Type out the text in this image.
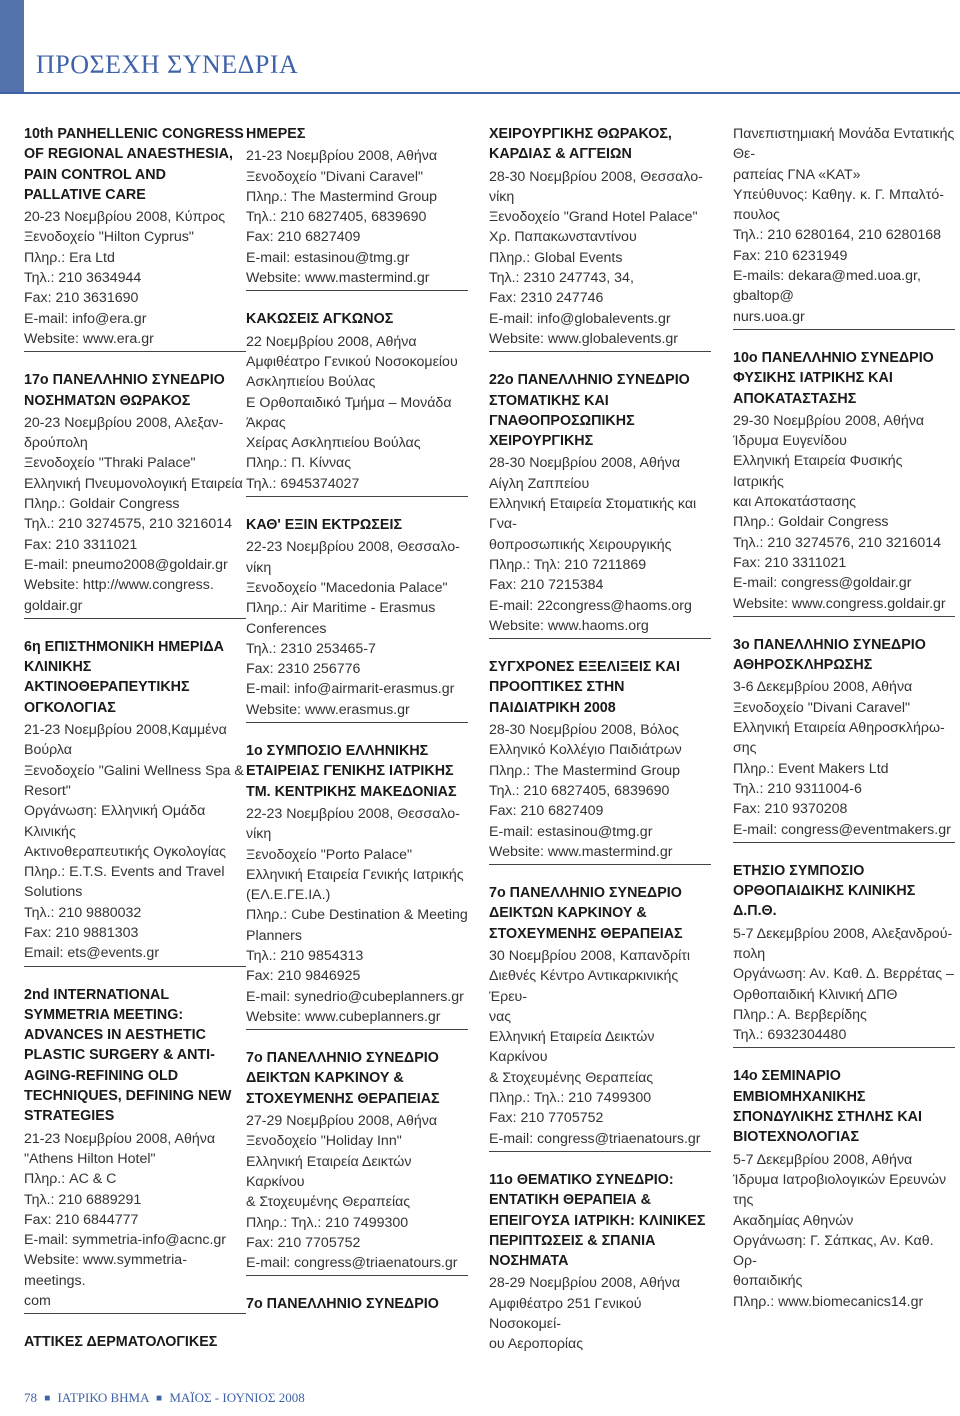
ΠΡΟΣΕΧΗ ΣΥΝΕΔΡΙΑ
10th PANHELLENIC CONGRESS OF REGIONAL ANAESTHESIA, PAIN CONTROL AND PALLATIVE CARE

20-23 Νοεμβρίου 2008, Κύπρος

Ξενοδοχείο "Hilton Cyprus"

Πληρ.: Era Ltd

Τηλ.: 210 3634944

Fax: 210 3631690

E-mail: info@era.gr

Website: www.era.gr

17ο ΠΑΝΕΛΛΗΝΙΟ ΣΥΝΕΔΡΙΟ ΝΟΣΗΜΑΤΩΝ ΘΩΡΑΚΟΣ

20-23 Νοεμβρίου 2008, Αλεξαν-

δρούπολη

Ξενοδοχείο "Thraki Palace"

Ελληνική Πνευμονολογική Εταιρεία

Πληρ.: Goldair Congress

Τηλ.: 210 3274575, 210 3216014

Fax: 210 3311021

E-mail: pneumo2008@goldair.gr

Website: http://www.congress.

goldair.gr

6η ΕΠΙΣΤΗΜΟΝΙΚΗ ΗΜΕΡΙΔΑ ΚΛΙΝΙΚΗΣ ΑΚΤΙΝΟΘΕΡΑΠΕΥΤΙΚΗΣ ΟΓΚΟΛΟΓΙΑΣ

21-23 Νοεμβρίου 2008,Καμμένα

Βούρλα

Ξενοδοχείο "Galini Wellness Spa &

Resort"

Οργάνωση: Ελληνική Ομάδα Κλινικής

Ακτινοθεραπευτικής Ογκολογίας

Πληρ.: E.T.S. Events and Travel

Solutions

Τηλ.: 210 9880032

Fax: 210 9881303

Email: ets@events.gr

2nd INTERNATIONAL SYMMETRIA MEETING: ADVANCES IN AESTHETIC PLASTIC SURGERY & ANTI-AGING-REFINING OLD TECHNIQUES, DEFINING NEW STRATEGIES

21-23 Νοεμβρίου 2008, Αθήνα

"Athens Hilton Hotel"

Πληρ.: AC & C

Τηλ.: 210 6889291

Fax: 210 6844777

E-mail: symmetria-info@acnc.gr

Website: www.symmetria-meetings.

com

ΑΤΤΙΚΕΣ ΔΕΡΜΑΤΟΛΟΓΙΚΕΣ
ΗΜΕΡΕΣ

21-23 Νοεμβρίου 2008, Αθήνα

Ξενοδοχείο "Divani Caravel"

Πληρ.: The Mastermind Group

Τηλ.: 210 6827405, 6839690

Fax: 210 6827409

E-mail: estasinou@tmg.gr

Website: www.mastermind.gr

ΚΑΚΩΣΕΙΣ ΑΓΚΩΝΟΣ

22 Νοεμβρίου 2008, Αθήνα

Αμφιθέατρο Γενικού Νοσοκομείου

Ασκληπιείου Βούλας

Ε Ορθοπαιδικό Τμήμα – Μονάδα Άκρας

Χείρας Ασκληπιείου Βούλας

Πληρ.: Π. Κίννας

Τηλ.: 6945374027

ΚΑΘ' ΕΞΙΝ ΕΚΤΡΩΣΕΙΣ

22-23 Νοεμβρίου 2008, Θεσσαλο-

νίκη

Ξενοδοχείο "Macedonia Palace"

Πληρ.: Air Maritime - Erasmus

Conferences

Τηλ.: 2310 253465-7

Fax: 2310 256776

E-mail: info@airmarit-erasmus.gr

Website: www.erasmus.gr

1ο ΣΥΜΠΟΣΙΟ ΕΛΛΗΝΙΚΗΣ ΕΤΑΙΡΕΙΑΣ ΓΕΝΙΚΗΣ ΙΑΤΡΙΚΗΣ ΤΜ. ΚΕΝΤΡΙΚΗΣ ΜΑΚΕΔΟΝΙΑΣ

22-23 Νοεμβρίου 2008, Θεσσαλο-

νίκη

Ξενοδοχείο "Porto Palace"

Ελληνική Εταιρεία Γενικής Ιατρικής

(ΕΛ.Ε.ΓΕ.ΙΑ.)

Πληρ.: Cube Destination & Meeting

Planners

Τηλ.: 210 9854313

Fax: 210 9846925

E-mail: synedrio@cubeplanners.gr

Website: www.cubeplanners.gr

7ο ΠΑΝΕΛΛΗΝΙΟ ΣΥΝΕΔΡΙΟ ΔΕΙΚΤΩΝ ΚΑΡΚΙΝΟΥ & ΣΤΟΧΕΥΜΕΝΗΣ ΘΕΡΑΠΕΙΑΣ

27-29 Νοεμβρίου 2008, Αθήνα

Ξενοδοχείο "Holiday Inn"

Ελληνική Εταιρεία Δεικτών Καρκίνου

& Στοχευμένης Θεραπείας

Πληρ.: Τηλ.: 210 7499300

Fax: 210 7705752

E-mail: congress@triaenatours.gr

7ο ΠΑΝΕΛΛΗΝΙΟ ΣΥΝΕΔΡΙΟ
ΧΕΙΡΟΥΡΓΙΚΗΣ ΘΩΡΑΚΟΣ, ΚΑΡΔΙΑΣ & ΑΓΓΕΙΩΝ

28-30 Νοεμβρίου 2008, Θεσσαλο-

νίκη

Ξενοδοχείο "Grand Hotel Palace"

Χρ. Παπακωνσταντίνου

Πληρ.: Global Events

Τηλ.: 2310 247743, 34,

Fax: 2310 247746

E-mail: info@globalevents.gr

Website: www.globalevents.gr

22ο ΠΑΝΕΛΛΗΝΙΟ ΣΥΝΕΔΡΙΟ ΣΤΟΜΑΤΙΚΗΣ ΚΑΙ ΓΝΑΘΟΠΡΟΣΩΠΙΚΗΣ ΧΕΙΡΟΥΡΓΙΚΗΣ

28-30 Νοεμβρίου 2008, Αθήνα

Αίγλη Ζαππείου

Ελληνική Εταιρεία Στοματικής και Γνα-

θοπροσωπικής Χειρουργικής

Πληρ.: Τηλ: 210 7211869

Fax: 210 7215384

E-mail: 22congress@haoms.org

Website: www.haoms.org

ΣΥΓΧΡΟΝΕΣ ΕΞΕΛΙΞΕΙΣ ΚΑΙ ΠΡΟΟΠΤΙΚΕΣ ΣΤΗΝ ΠΑΙΔΙΑΤΡΙΚΗ 2008

28-30 Νοεμβρίου 2008, Βόλος

Ελληνικό Κολλέγιο Παιδιάτρων

Πληρ.: The Mastermind Group

Τηλ.: 210 6827405, 6839690

Fax: 210 6827409

E-mail: estasinou@tmg.gr

Website: www.mastermind.gr

7ο ΠΑΝΕΛΛΗΝΙΟ ΣΥΝΕΔΡΙΟ ΔΕΙΚΤΩΝ ΚΑΡΚΙΝΟΥ & ΣΤΟΧΕΥΜΕΝΗΣ ΘΕΡΑΠΕΙΑΣ

30 Νοεμβρίου 2008, Καπανδρίτι

Διεθνές Κέντρο Αντικαρκινικής Έρευ-

νας

Ελληνική Εταιρεία Δεικτών Καρκίνου

& Στοχευμένης Θεραπείας

Πληρ.: Τηλ.: 210 7499300

Fax: 210 7705752

E-mail: congress@triaenatours.gr

11ο ΘΕΜΑΤΙΚΟ ΣΥΝΕΔΡΙΟ: ΕΝΤΑΤΙΚΗ ΘΕΡΑΠΕΙΑ & ΕΠΕΙΓΟΥΣΑ ΙΑΤΡΙΚΗ: ΚΛΙΝΙΚΕΣ ΠΕΡΙΠΤΩΣΕΙΣ & ΣΠΑΝΙΑ ΝΟΣΗΜΑΤΑ

28-29 Νοεμβρίου 2008, Αθήνα

Αμφιθέατρο 251 Γενικού Νοσοκομεί-

ου Αεροπορίας

Πανεπιστημιακή Μονάδα Εντατικής Θε-

ραπείας ΓΝΑ «ΚΑΤ»

Υπεύθυνος: Καθηγ. κ. Γ. Μπαλτό-

πουλος

Τηλ.: 210 6280164, 210 6280168

Fax: 210 6231949

E-mails: dekara@med.uoa.gr, gbaltop@

nurs.uoa.gr

10ο ΠΑΝΕΛΛΗΝΙΟ ΣΥΝΕΔΡΙΟ ΦΥΣΙΚΗΣ ΙΑΤΡΙΚΗΣ ΚΑΙ ΑΠΟΚΑΤΑΣΤΑΣΗΣ

29-30 Νοεμβρίου 2008, Αθήνα

Ίδρυμα Ευγενίδου

Ελληνική Εταιρεία Φυσικής Ιατρικής

και Αποκατάστασης

Πληρ.: Goldair Congress

Τηλ.: 210 3274576, 210 3216014

Fax: 210 3311021

E-mail: congress@goldair.gr

Website: www.congress.goldair.gr

3ο ΠΑΝΕΛΛΗΝΙΟ ΣΥΝΕΔΡΙΟ ΑΘΗΡΟΣΚΛΗΡΩΣΗΣ

3-6 Δεκεμβρίου 2008, Αθήνα

Ξενοδοχείο "Divani Caravel"

Ελληνική Εταιρεία Αθηροσκλήρω-

σης

Πληρ.: Event Makers Ltd

Τηλ.: 210 9311004-6

Fax: 210 9370208

E-mail: congress@eventmakers.gr

ΕΤΗΣΙΟ ΣΥΜΠΟΣΙΟ ΟΡΘΟΠΑΙΔΙΚΗΣ ΚΛΙΝΙΚΗΣ Δ.Π.Θ.

5-7 Δεκεμβρίου 2008, Αλεξανδρού-

πολη

Οργάνωση: Αν. Καθ. Δ. Βερρέτας –

Ορθοπαιδική Κλινική ΔΠΘ

Πληρ.: Α. Βερβερίδης

Τηλ.: 6932304480

14ο ΣΕΜΙΝΑΡΙΟ ΕΜΒΙΟΜΗΧΑΝΙΚΗΣ ΣΠΟΝΔΥΛΙΚΗΣ ΣΤΗΛΗΣ ΚΑΙ ΒΙΟΤΕΧΝΟΛΟΓΙΑΣ

5-7 Δεκεμβρίου 2008, Αθήνα

Ίδρυμα Ιατροβιολογικών Ερευνών της

Ακαδημίας Αθηνών

Οργάνωση: Γ. Σάπκας, Αν. Καθ. Ορ-

θοπαιδικής

Πληρ.: www.biomecanics14.gr

78 ■ ΙΑΤΡΙΚΟ ΒΗΜΑ ■ ΜΑΪΟΣ - ΙΟΥΝΙΟΣ 2008
